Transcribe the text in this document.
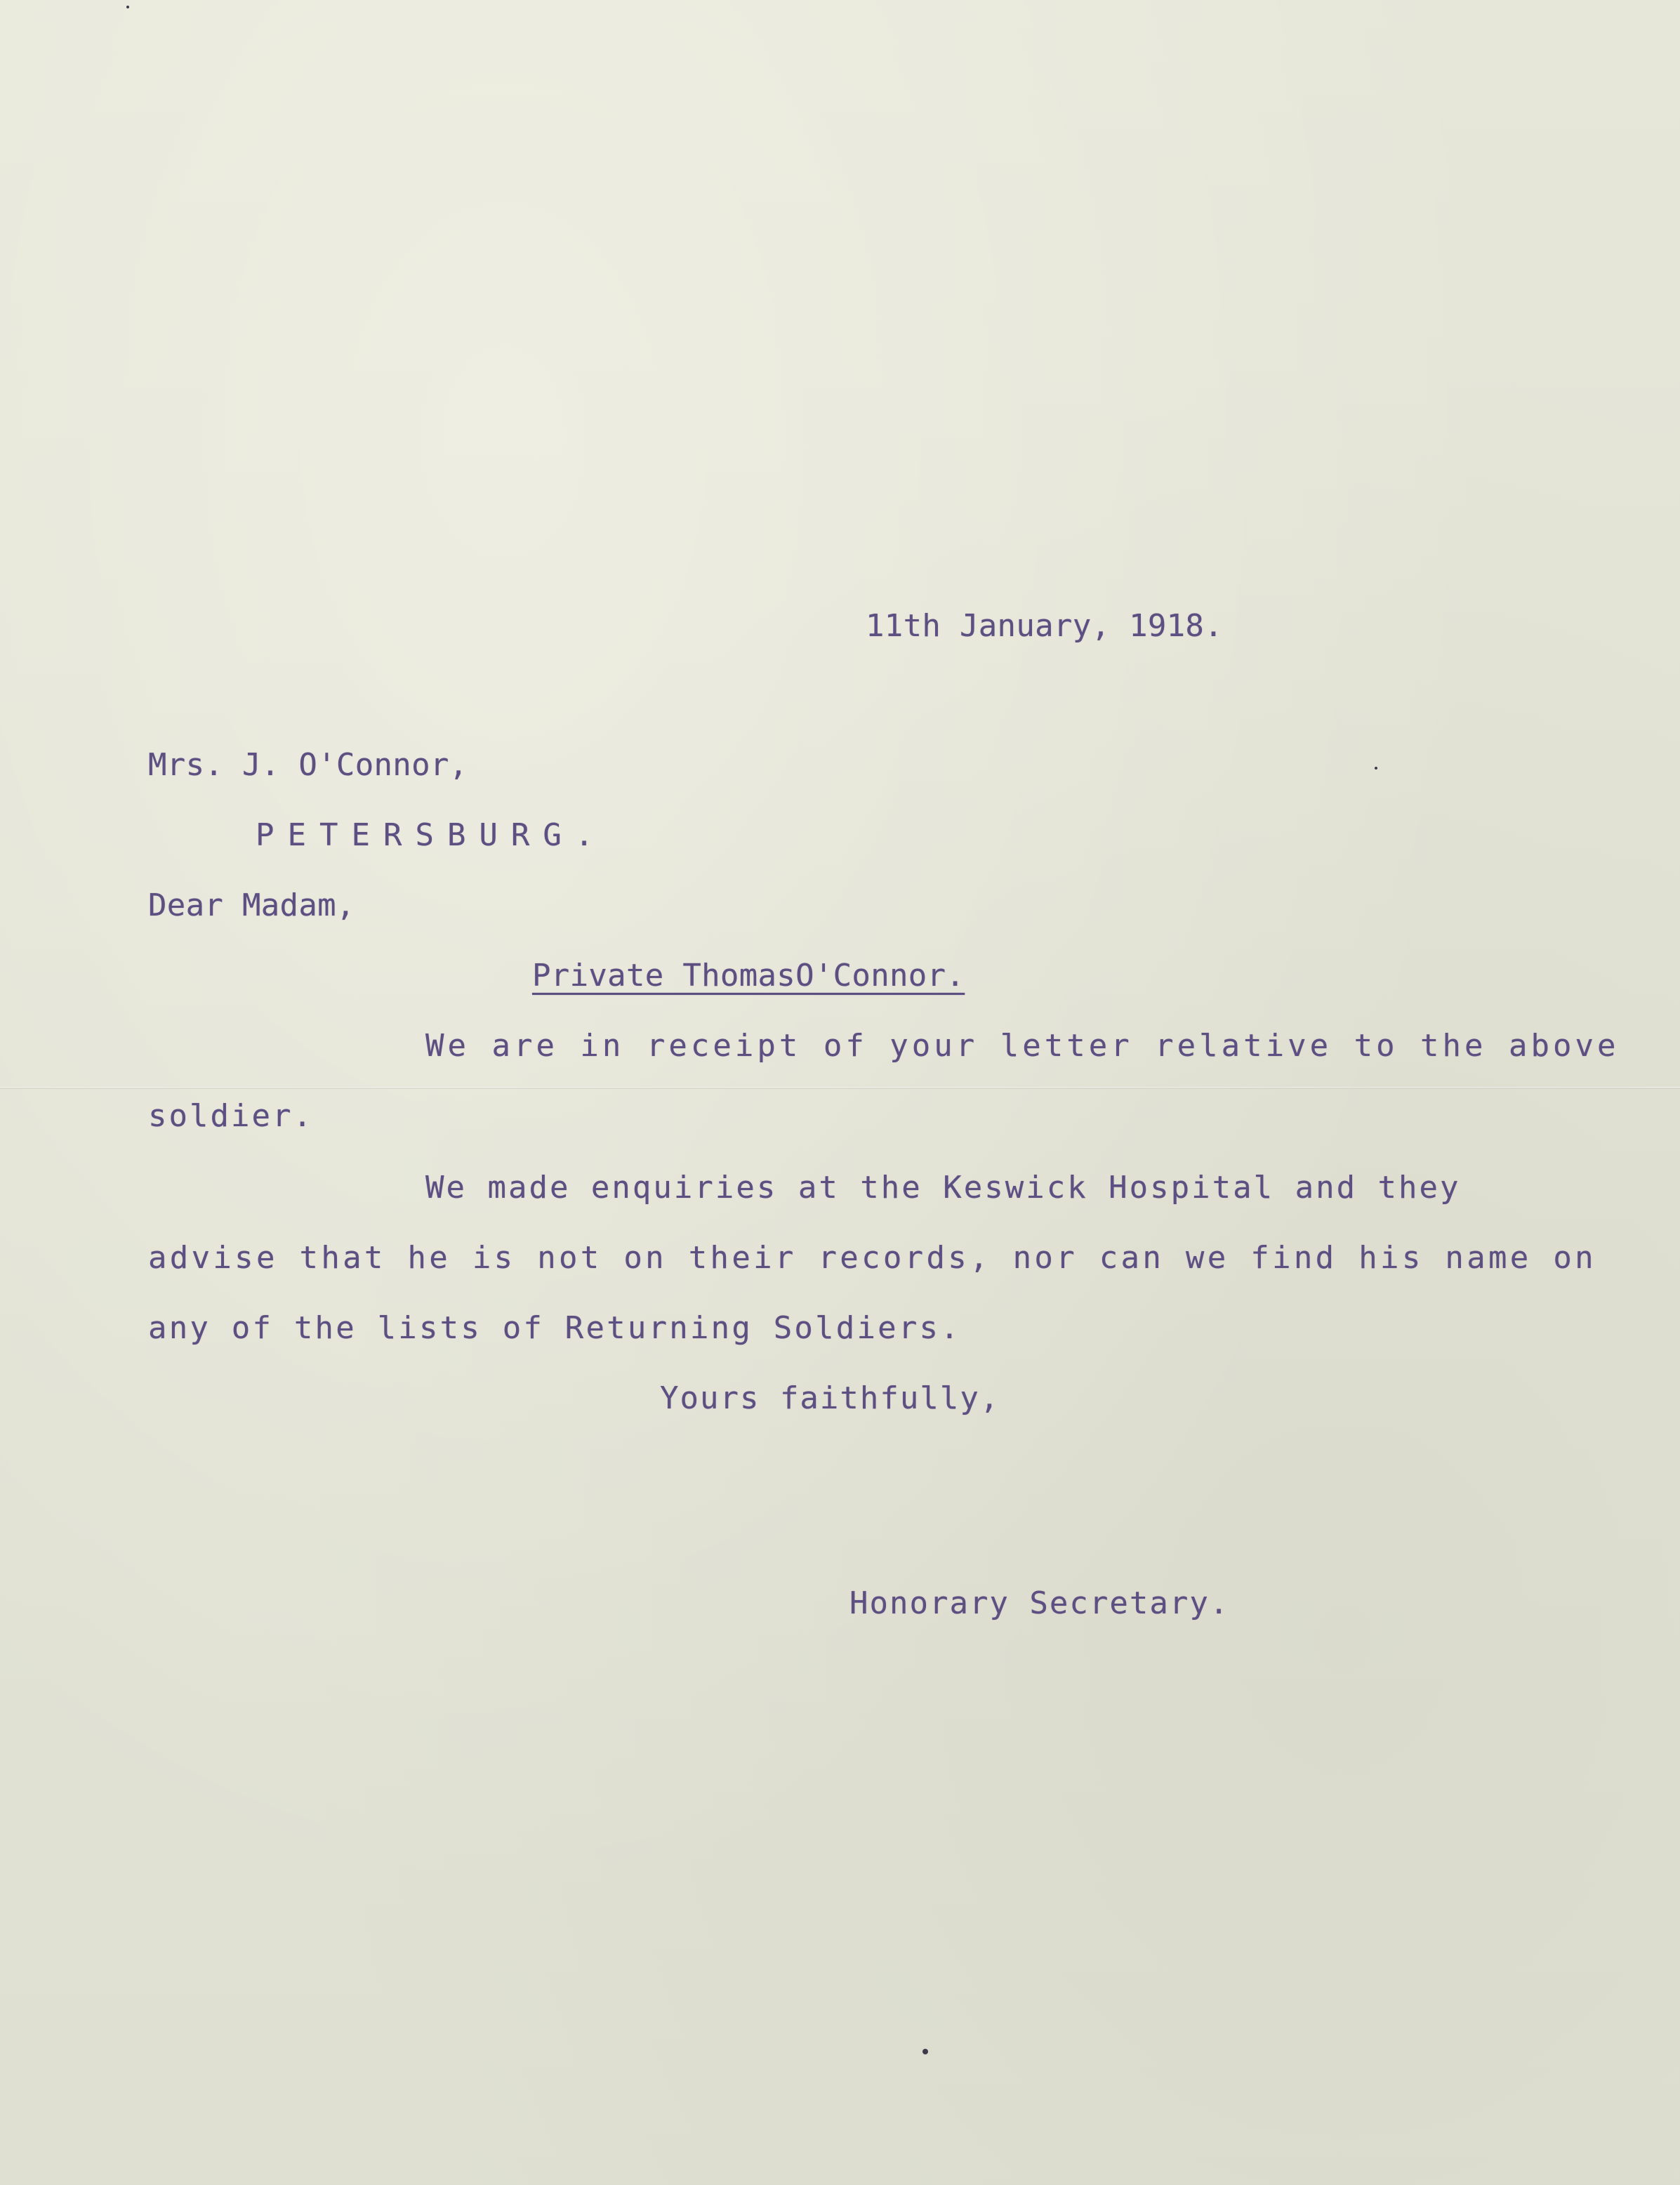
11th January, 1918.

Mrs. J. O'Connor,

PETERSBURG.

Dear Madam,

Private ThomasO'Connor.

We are in receipt of your letter relative to the above

soldier.

We made enquiries at the Keswick Hospital and they

advise that he is not on their records, nor can we find his name on

any of the lists of Returning Soldiers.

Yours faithfully,

Honorary Secretary.
